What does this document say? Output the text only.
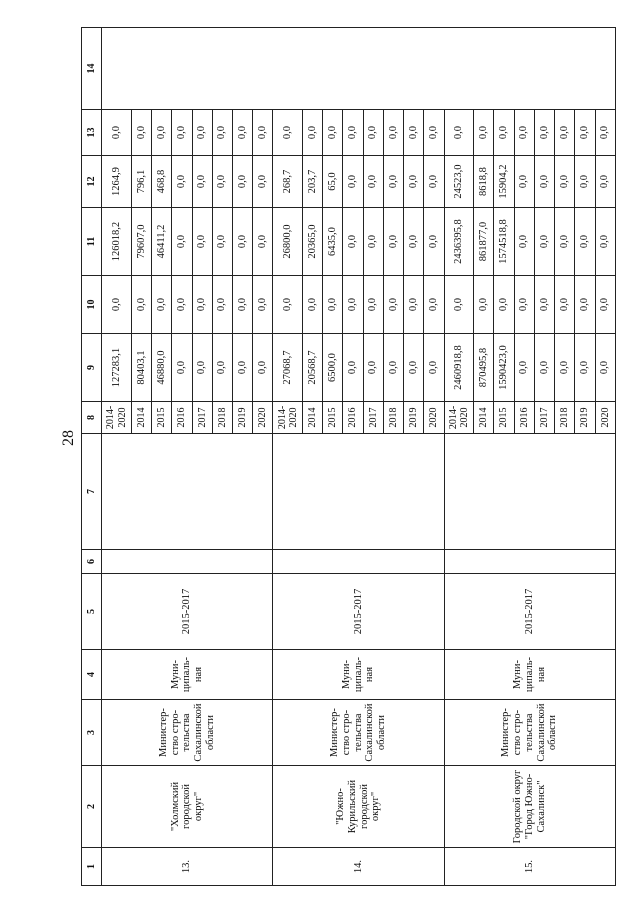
28
1	2	3	4	5	6	7	8	9	10	11	12	13	14
13.	"Холмский городской округ"	Министерство стротельства Сахалинской области	Муниципальная	2015-2017			2014-2020	127283,1	0,0	126018,2	1264,9	0,0	
							2014	80403,1	0,0	79607,0	796,1	0,0	
							2015	46880,0	0,0	46411,2	468,8	0,0	
							2016	0,0	0,0	0,0	0,0	0,0	
							2017	0,0	0,0	0,0	0,0	0,0	
							2018	0,0	0,0	0,0	0,0	0,0	
							2019	0,0	0,0	0,0	0,0	0,0	
							2020	0,0	0,0	0,0	0,0	0,0	
14.	"Южно-Курильский городской округ"	Министерство стротельства Сахалинской области	Муниципальная	2015-2017			2014-2020	27068,7	0,0	26800,0	268,7	0,0	
							2014	20568,7	0,0	20365,0	203,7	0,0	
							2015	6500,0	0,0	6435,0	65,0	0,0	
							2016	0,0	0,0	0,0	0,0	0,0	
							2017	0,0	0,0	0,0	0,0	0,0	
							2018	0,0	0,0	0,0	0,0	0,0	
							2019	0,0	0,0	0,0	0,0	0,0	
							2020	0,0	0,0	0,0	0,0	0,0	
15.	Городской округ "Город Южно-Сахалинск"	Министерство стротельства Сахалинской области	Муниципальная	2015-2017			2014-2020	2460918,8	0,0	2436395,8	24523,0	0,0	
							2014	870495,8	0,0	861877,0	8618,8	0,0	
							2015	1590423,0	0,0	1574518,8	15904,2	0,0	
							2016	0,0	0,0	0,0	0,0	0,0	
							2017	0,0	0,0	0,0	0,0	0,0	
							2018	0,0	0,0	0,0	0,0	0,0	
							2019	0,0	0,0	0,0	0,0	0,0	
							2020	0,0	0,0	0,0	0,0	0,0	
